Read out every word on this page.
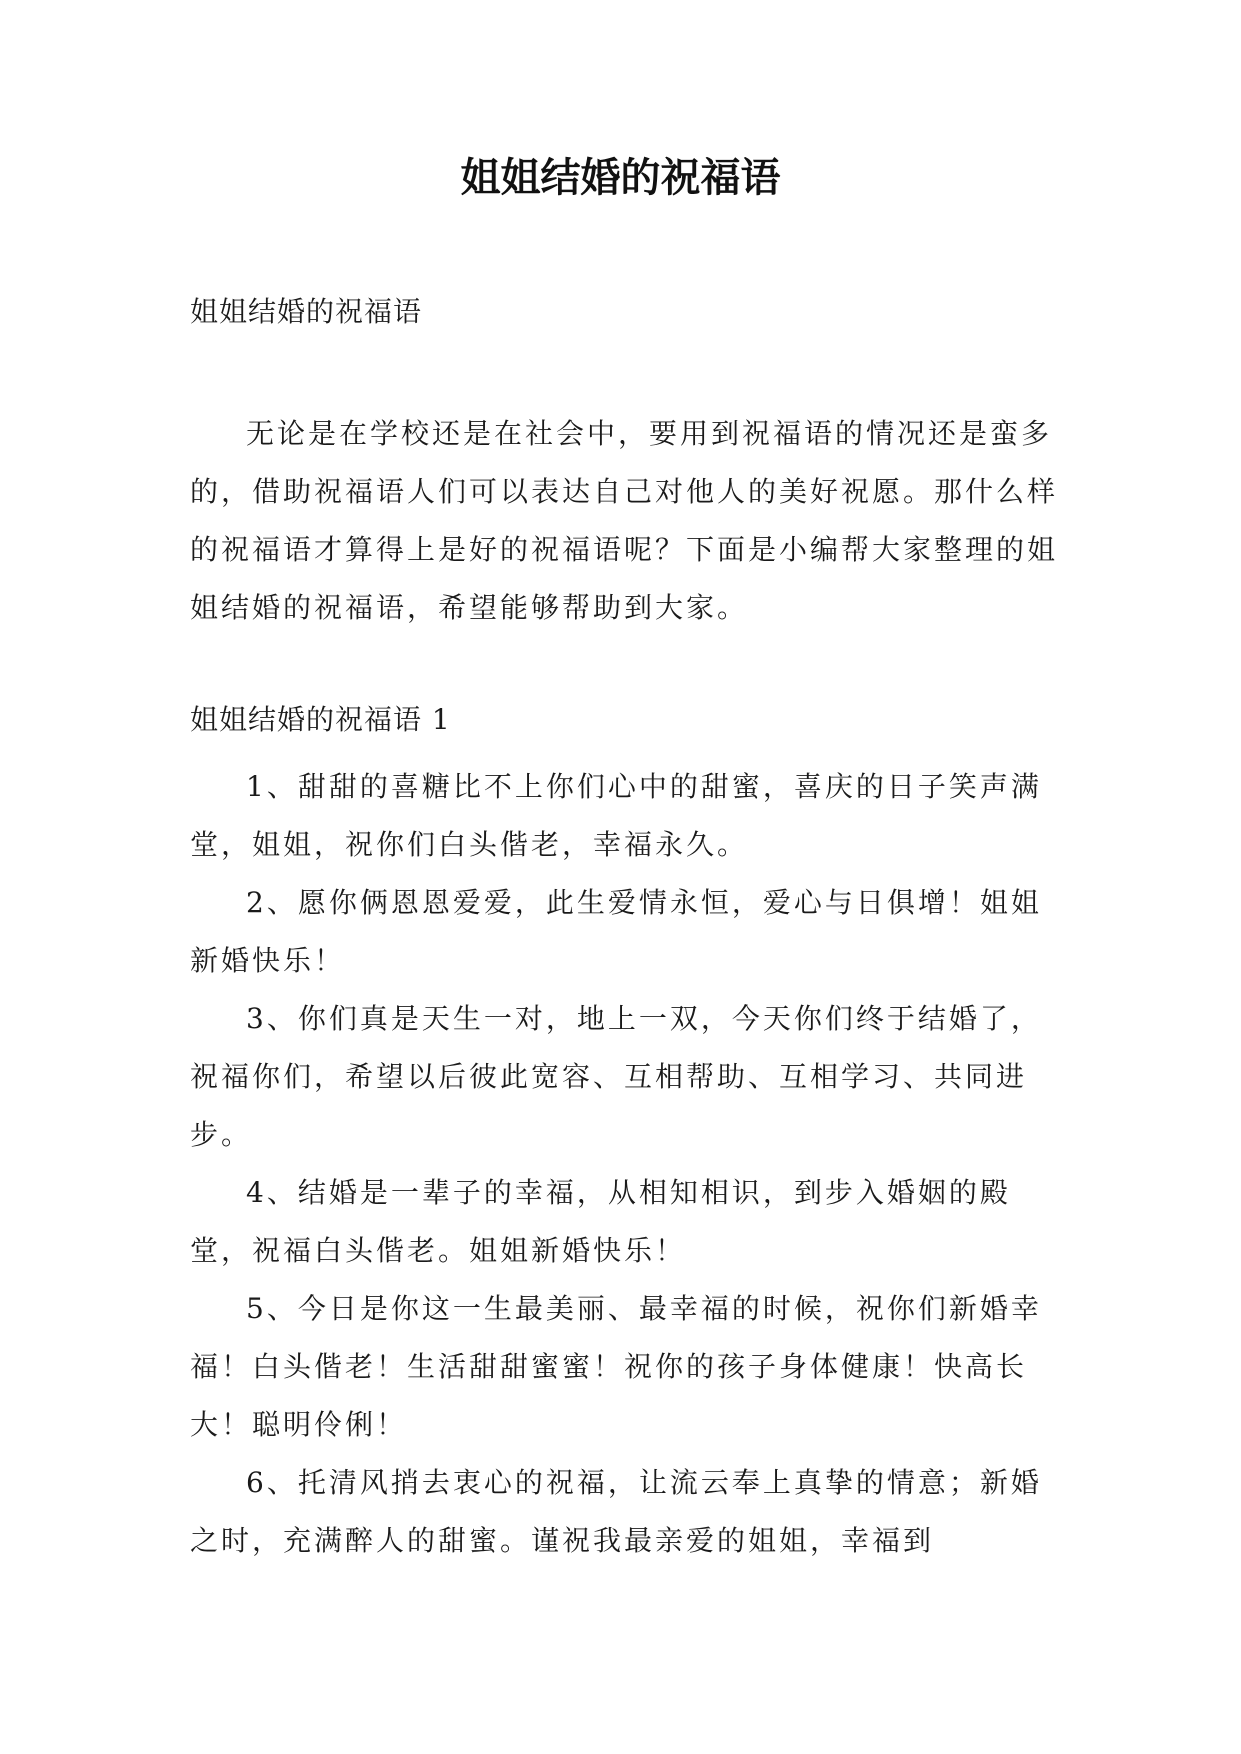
姐姐结婚的祝福语
姐姐结婚的祝福语

无论是在学校还是在社会中，要用到祝福语的情况还是蛮多的，借助祝福语人们可以表达自己对他人的美好祝愿。那什么样的祝福语才算得上是好的祝福语呢？下面是小编帮大家整理的姐姐结婚的祝福语，希望能够帮助到大家。

姐姐结婚的祝福语 1

1、甜甜的喜糖比不上你们心中的甜蜜，喜庆的日子笑声满堂，姐姐，祝你们白头偕老，幸福永久。

2、愿你俩恩恩爱爱，此生爱情永恒，爱心与日俱增！姐姐新婚快乐！

3、你们真是天生一对，地上一双，今天你们终于结婚了，祝福你们，希望以后彼此宽容、互相帮助、互相学习、共同进步。

4、结婚是一辈子的幸福，从相知相识，到步入婚姻的殿堂，祝福白头偕老。姐姐新婚快乐！

5、今日是你这一生最美丽、最幸福的时候，祝你们新婚幸福！白头偕老！生活甜甜蜜蜜！祝你的孩子身体健康！快高长大！聪明伶俐！

6、托清风捎去衷心的祝福，让流云奉上真挚的情意；新婚之时，充满醉人的甜蜜。谨祝我最亲爱的姐姐，幸福到
